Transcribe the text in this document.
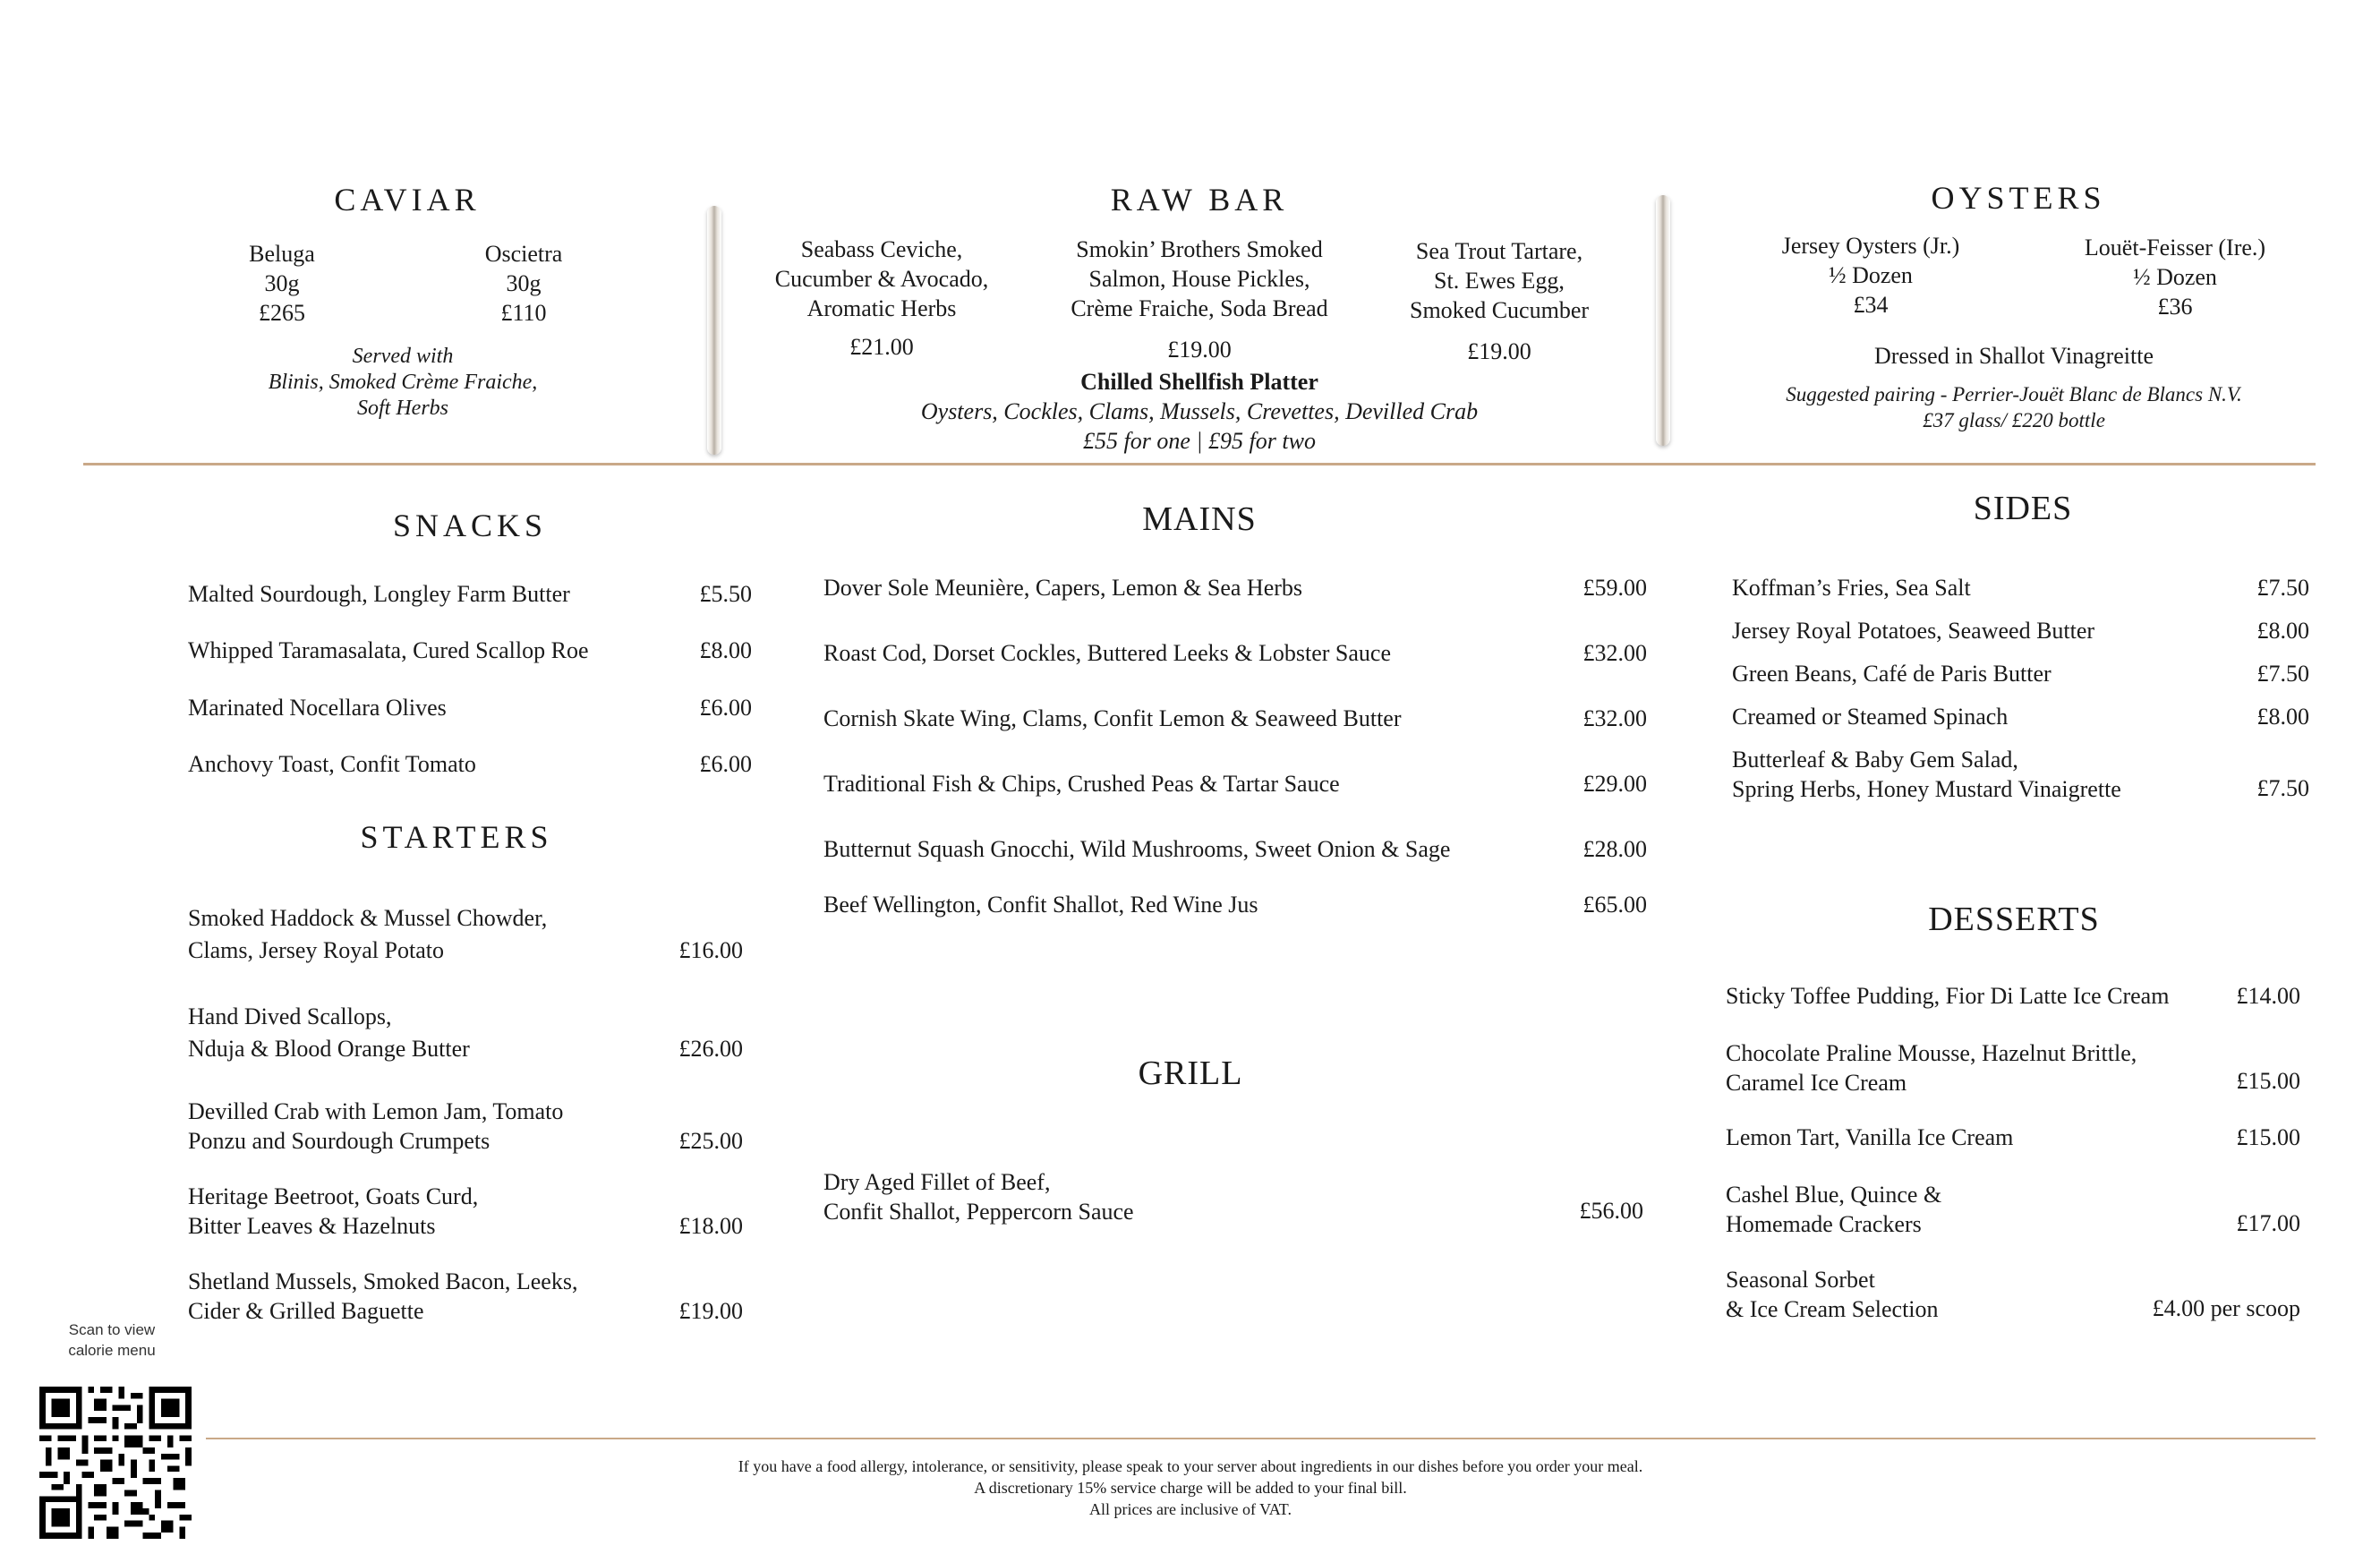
CAVIAR
Beluga
30g
£265
Oscietra
30g
£110
Served with
Blinis, Smoked Crème Fraiche,
Soft Herbs
RAW BAR
Seabass Ceviche,
Cucumber & Avocado,
Aromatic Herbs
£21.00
Smokin’ Brothers Smoked
Salmon, House Pickles,
Crème Fraiche, Soda Bread
£19.00
Sea Trout Tartare,
St. Ewes Egg,
Smoked Cucumber
£19.00
Chilled Shellfish Platter
Oysters, Cockles, Clams, Mussels, Crevettes, Devilled Crab
£55 for one | £95 for two
OYSTERS
Jersey Oysters (Jr.)
½ Dozen
£34
Louët-Feisser (Ire.)
½ Dozen
£36
Dressed in Shallot Vinagreitte
Suggested pairing - Perrier-Jouët Blanc de Blancs N.V.
£37 glass/ £220 bottle
SNACKS
Malted Sourdough, Longley Farm Butter	£5.50
Whipped Taramasalata, Cured Scallop Roe	£8.00
Marinated Nocellara Olives	£6.00
Anchovy Toast, Confit Tomato	£6.00
STARTERS
Smoked Haddock & Mussel Chowder,
Clams, Jersey Royal Potato	£16.00
Hand Dived Scallops,
Nduja & Blood Orange Butter	£26.00
Devilled Crab with Lemon Jam, Tomato
Ponzu and Sourdough Crumpets	£25.00
Heritage Beetroot, Goats Curd,
Bitter Leaves & Hazelnuts	£18.00
Shetland Mussels, Smoked Bacon, Leeks,
Cider & Grilled Baguette	£19.00
MAINS
Dover Sole Meunière, Capers, Lemon & Sea Herbs	£59.00
Roast Cod, Dorset Cockles, Buttered Leeks & Lobster Sauce	£32.00
Cornish Skate Wing, Clams, Confit Lemon & Seaweed Butter	£32.00
Traditional Fish & Chips, Crushed Peas & Tartar Sauce	£29.00
Butternut Squash Gnocchi, Wild Mushrooms, Sweet Onion & Sage	£28.00
Beef Wellington, Confit Shallot, Red Wine Jus	£65.00
GRILL
Dry Aged Fillet of Beef,
Confit Shallot, Peppercorn Sauce	£56.00
SIDES
Koffman’s Fries, Sea Salt	£7.50
Jersey Royal Potatoes, Seaweed Butter	£8.00
Green Beans, Café de Paris Butter	£7.50
Creamed or Steamed Spinach	£8.00
Butterleaf & Baby Gem Salad,
Spring Herbs, Honey Mustard Vinaigrette	£7.50
DESSERTS
Sticky Toffee Pudding, Fior Di Latte Ice Cream	£14.00
Chocolate Praline Mousse, Hazelnut Brittle,
Caramel Ice Cream	£15.00
Lemon Tart, Vanilla Ice Cream	£15.00
Cashel Blue, Quince &
Homemade Crackers	£17.00
Seasonal Sorbet
& Ice Cream Selection	£4.00 per scoop
Scan to view
calorie menu
If you have a food allergy, intolerance, or sensitivity, please speak to your server about ingredients in our dishes before you order your meal.
A discretionary 15% service charge will be added to your final bill.
All prices are inclusive of VAT.
